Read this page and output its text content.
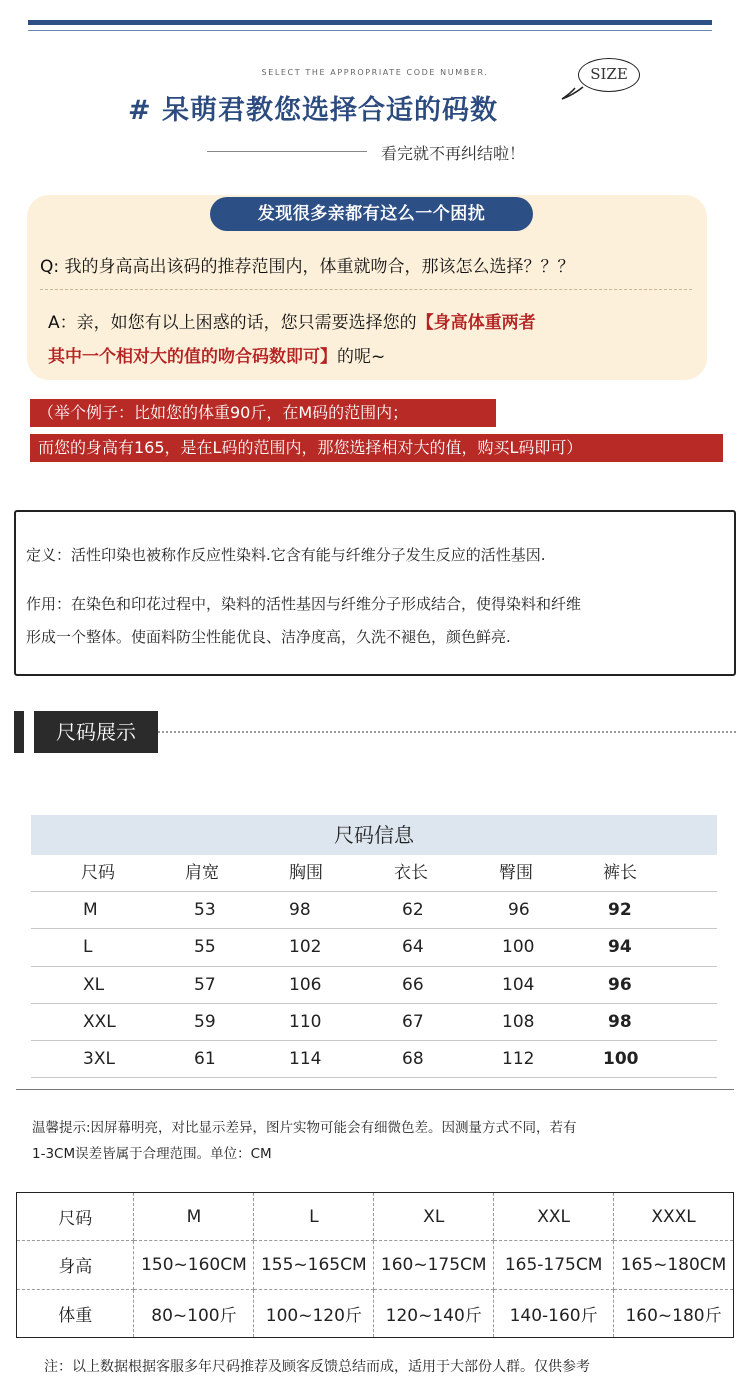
SELECT THE APPROPRIATE CODE NUMBER.
# 呆萌君教您选择合适的码数
SIZE
看完就不再纠结啦！
发现很多亲都有这么一个困扰
Q: 我的身高高出该码的推荐范围内，体重就吻合，那该怎么选择？？？
A：亲，如您有以上困惑的话，您只需要选择您的【身高体重两者
其中一个相对大的值的吻合码数即可】的呢~
（举个例子：比如您的体重90斤，在M码的范围内；
而您的身高有165，是在L码的范围内，那您选择相对大的值，购买L码即可）
定义：活性印染也被称作反应性染料.它含有能与纤维分子发生反应的活性基因.
作用：在染色和印花过程中，染料的活性基因与纤维分子形成结合，使得染料和纤维
形成一个整体。使面料防尘性能优良、洁净度高，久洗不褪色，颜色鲜亮.
尺码展示
尺码信息
尺码	肩宽	胸围	衣长	臀围	裤长
M	53	98	62	96	92
L	55	102	64	100	94
XL	57	106	66	104	96
XXL	59	110	67	108	98
3XL	61	114	68	112	100
温馨提示:因屏幕明亮，对比显示差异，图片实物可能会有细微色差。因测量方式不同，若有
1-3CM误差皆属于合理范围。单位：CM
尺码	M	L	XL	XXL	XXXL
身高	150~160CM	155~165CM	160~175CM	165-175CM	165~180CM
体重	80~100斤	100~120斤	120~140斤	140-160斤	160~180斤
注：以上数据根据客服多年尺码推荐及顾客反馈总结而成，适用于大部份人群。仅供参考
